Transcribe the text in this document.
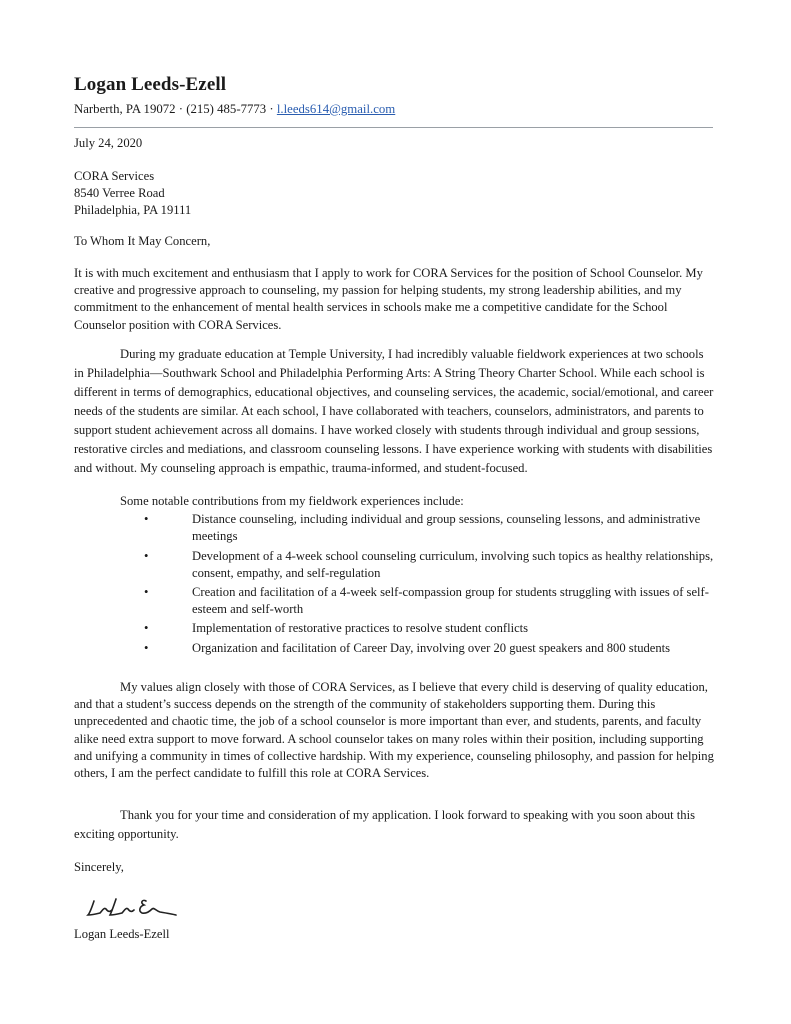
Logan Leeds-Ezell
Narberth, PA 19072 · (215) 485-7773 · l.leeds614@gmail.com
July 24, 2020
CORA Services
8540 Verree Road
Philadelphia, PA 19111
To Whom It May Concern,

It is with much excitement and enthusiasm that I apply to work for CORA Services for the position of School Counselor. My creative and progressive approach to counseling, my passion for helping students, my strong leadership abilities, and my commitment to the enhancement of mental health services in schools make me a competitive candidate for the School Counselor position with CORA Services.

During my graduate education at Temple University, I had incredibly valuable fieldwork experiences at two schools in Philadelphia—Southwark School and Philadelphia Performing Arts: A String Theory Charter School. While each school is different in terms of demographics, educational objectives, and counseling services, the academic, social/emotional, and career needs of the students are similar. At each school, I have collaborated with teachers, counselors, administrators, and parents to support student achievement across all domains. I have worked closely with students through individual and group sessions, restorative circles and mediations, and classroom counseling lessons. I have experience working with students with disabilities and without. My counseling approach is empathic, trauma-informed, and student-focused.

Some notable contributions from my fieldwork experiences include:
•	Distance counseling, including individual and group sessions, counseling lessons, and administrative meetings
•	Development of a 4-week school counseling curriculum, involving such topics as healthy relationships, consent, empathy, and self-regulation
•	Creation and facilitation of a 4-week self-compassion group for students struggling with issues of self-esteem and self-worth
•	Implementation of restorative practices to resolve student conflicts
•	Organization and facilitation of Career Day, involving over 20 guest speakers and 800 students

My values align closely with those of CORA Services, as I believe that every child is deserving of quality education, and that a student’s success depends on the strength of the community of stakeholders supporting them. During this unprecedented and chaotic time, the job of a school counselor is more important than ever, and students, parents, and faculty alike need extra support to move forward. A school counselor takes on many roles within their position, including supporting and unifying a community in times of collective hardship. With my experience, counseling philosophy, and passion for helping others, I am the perfect candidate to fulfill this role at CORA Services.

Thank you for your time and consideration of my application. I look forward to speaking with you soon about this exciting opportunity.

Sincerely,
Logan Leeds-Ezell
